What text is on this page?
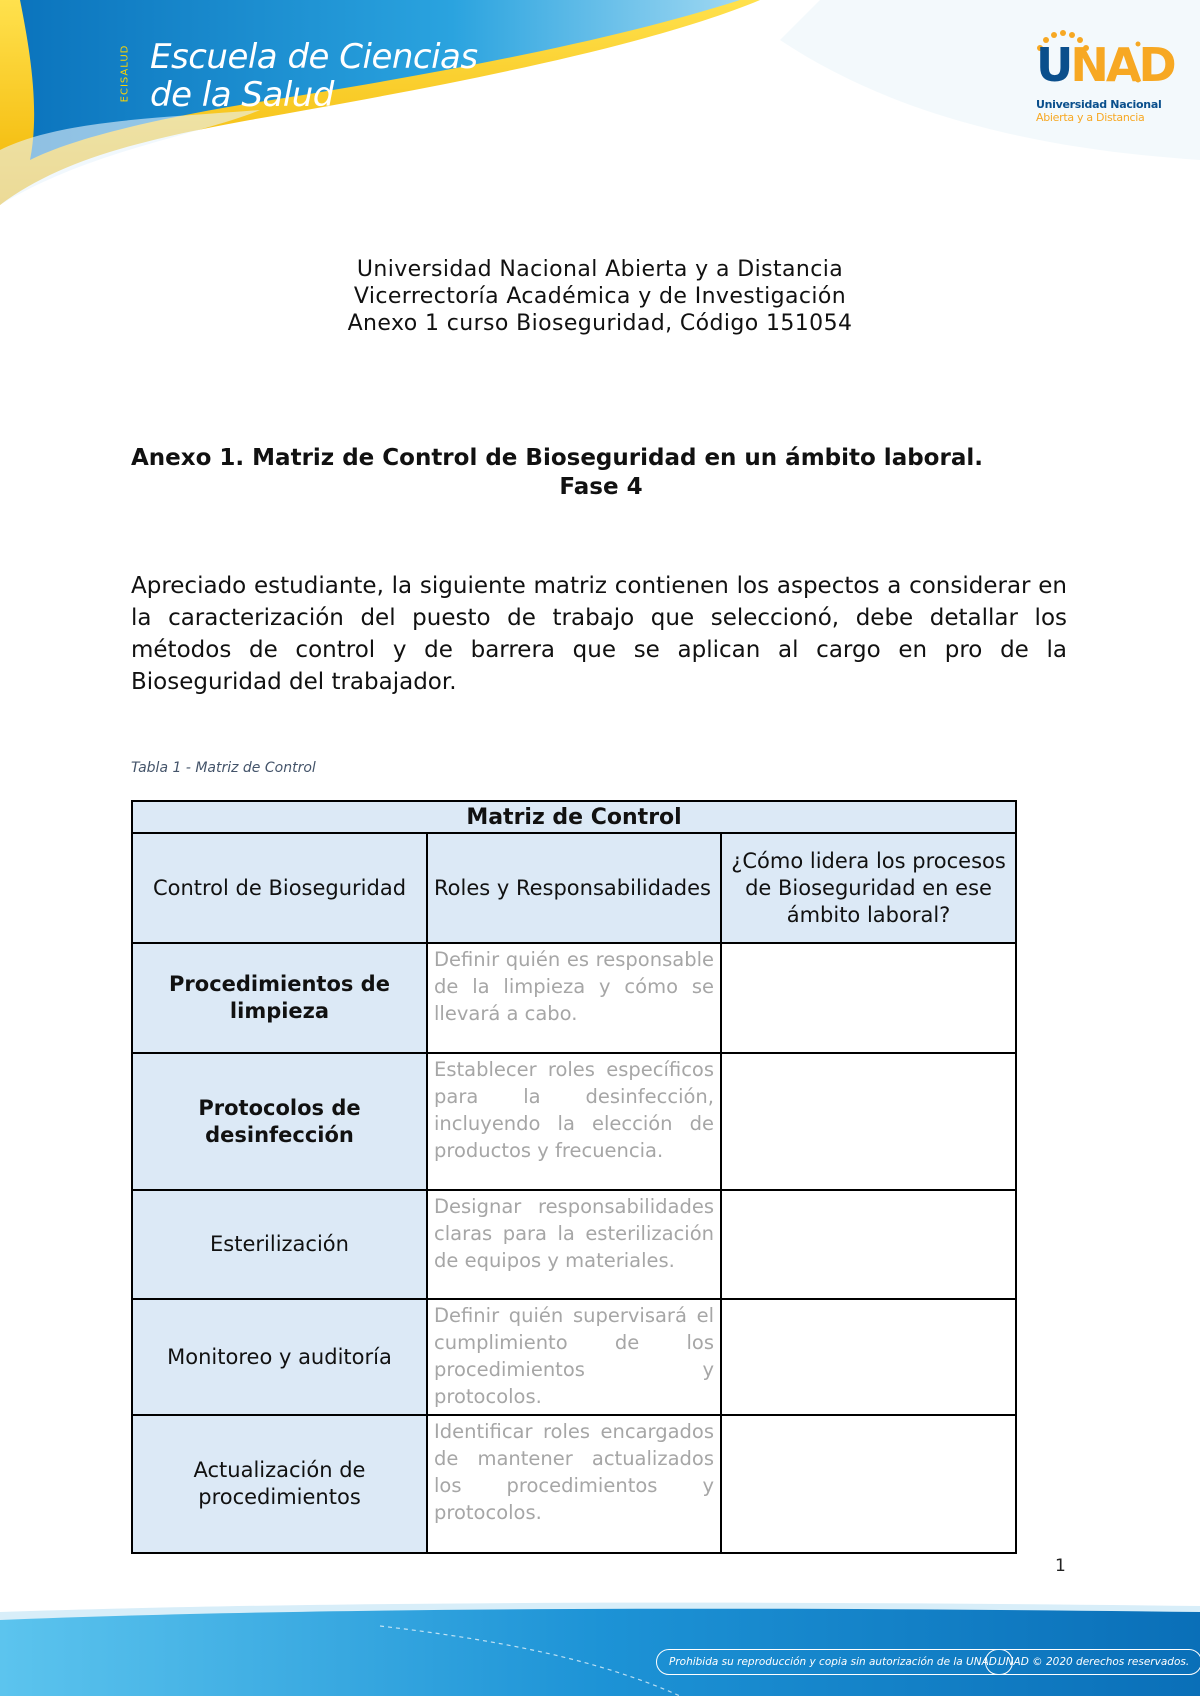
ECISALUD Escuela de Ciencias
de la Salud
UNAD
Universidad Nacional
Abierta y a Distancia
Universidad Nacional Abierta y a Distancia
Vicerrectoría Académica y de Investigación
Anexo 1 curso Bioseguridad, Código 151054
Anexo 1. Matriz de Control de Bioseguridad en un ámbito laboral.
Fase 4
Apreciado estudiante, la siguiente matriz contienen los aspectos a considerar en la caracterización del puesto de trabajo que seleccionó, debe detallar los métodos de control y de barrera que se aplican al cargo en pro de la Bioseguridad del trabajador.
Tabla 1 - Matriz de Control
Matriz de Control		
Control de Bioseguridad	Roles y Responsabilidades	¿Cómo lidera los procesos de Bioseguridad en ese ámbito laboral?
Procedimientos de limpieza	Definir quién es responsable de la limpieza y cómo se llevará a cabo.	
Protocolos de desinfección	Establecer roles específicos para la desinfección, incluyendo la elección de productos y frecuencia.	
Esterilización	Designar responsabilidades claras para la esterilización de equipos y materiales.	
Monitoreo y auditoría	Definir quién supervisará el cumplimiento de los procedimientos y protocolos.	
Actualización de procedimientos	Identificar roles encargados de mantener actualizados los procedimientos y protocolos.	
1
Prohibida su reproducción y copia sin autorización de la UNAD.
UNAD © 2020 derechos reservados.
